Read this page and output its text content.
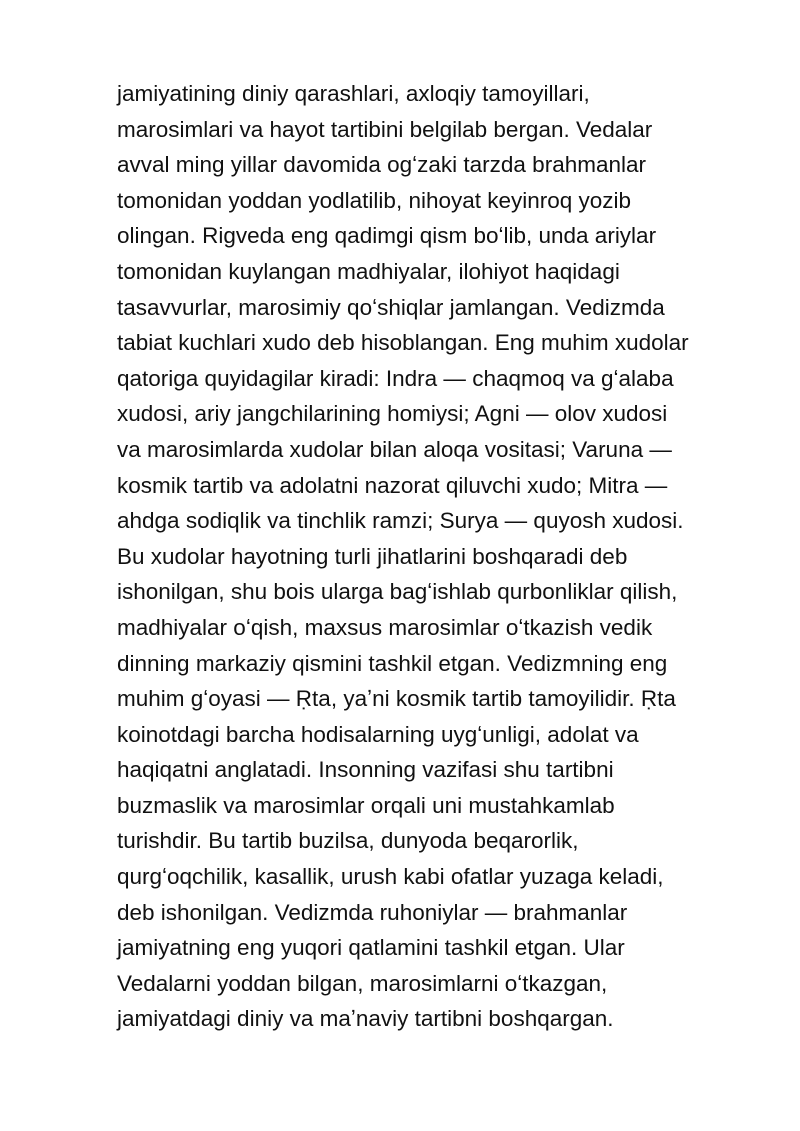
jamiyatining diniy qarashlari, axloqiy tamoyillari,
marosimlari va hayot tartibini belgilab bergan. Vedalar
avval ming yillar davomida ogʻzaki tarzda brahmanlar
tomonidan yoddan yodlatilib, nihoyat keyinroq yozib
olingan. Rigveda eng qadimgi qism boʻlib, unda ariylar
tomonidan kuylangan madhiyalar, ilohiyot haqidagi
tasavvurlar, marosimiy qoʻshiqlar jamlangan. Vedizmda
tabiat kuchlari xudo deb hisoblangan. Eng muhim xudolar
qatoriga quyidagilar kiradi: Indra — chaqmoq va gʻalaba
xudosi, ariy jangchilarining homiysi; Agni — olov xudosi
va marosimlarda xudolar bilan aloqa vositasi; Varuna —
kosmik tartib va adolatni nazorat qiluvchi xudo; Mitra —
ahdga sodiqlik va tinchlik ramzi; Surya — quyosh xudosi.
Bu xudolar hayotning turli jihatlarini boshqaradi deb
ishonilgan, shu bois ularga bagʻishlab qurbonliklar qilish,
madhiyalar oʻqish, maxsus marosimlar oʻtkazish vedik
dinning markaziy qismini tashkil etgan. Vedizmning eng
muhim gʻoyasi — Ṛta, yaʼni kosmik tartib tamoyilidir. Ṛta
koinotdagi barcha hodisalarning uygʻunligi, adolat va
haqiqatni anglatadi. Insonning vazifasi shu tartibni
buzmaslik va marosimlar orqali uni mustahkamlab
turishdir. Bu tartib buzilsa, dunyoda beqarorlik,
qurgʻoqchilik, kasallik, urush kabi ofatlar yuzaga keladi,
deb ishonilgan. Vedizmda ruhoniylar — brahmanlar
jamiyatning eng yuqori qatlamini tashkil etgan. Ular
Vedalarni yoddan bilgan, marosimlarni oʻtkazgan,
jamiyatdagi diniy va maʼnaviy tartibni boshqargan.
